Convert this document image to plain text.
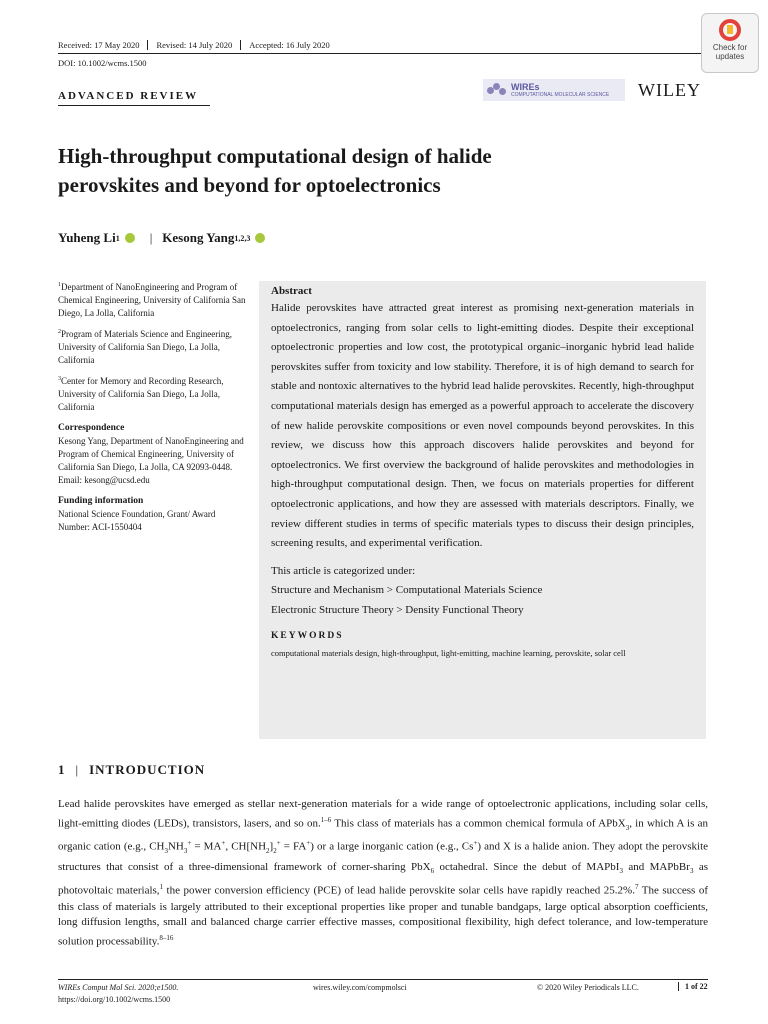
Received: 17 May 2020	Revised: 14 July 2020	Accepted: 16 July 2020
DOI: 10.1002/wcms.1500
Check for
updates
ADVANCED REVIEW
WIREs
COMPUTATIONAL MOLECULAR SCIENCE WILEY
High-throughput computational design of halide
perovskites and beyond for optoelectronics
Yuheng Li 1 | Kesong Yang 1,2,3

$^1$Department of NanoEngineering and Program of Chemical Engineering, University of California San Diego, La Jolla, California

$^2$Program of Materials Science and Engineering, University of California San Diego, La Jolla, California

$^3$Center for Memory and Recording Research, University of California San Diego, La Jolla, California

Correspondence

Kesong Yang, Department of NanoEngineering and Program of Chemical Engineering, University of California San Diego, La Jolla, CA 92093-0448.

Email: kesong@ucsd.edu

Funding information

National Science Foundation, Grant/ Award Number: ACI-1550404

Abstract
Halide perovskites have attracted great interest as promising next-generation materials in optoelectronics, ranging from solar cells to light-emitting diodes. Despite their exceptional optoelectronic properties and low cost, the prototypical organic–inorganic hybrid lead halide perovskites suffer from toxicity and low stability. Therefore, it is of high demand to search for stable and nontoxic alternatives to the hybrid lead halide perovskites. Recently, high-throughput computational materials design has emerged as a powerful approach to accelerate the discovery of new halide perovskite compositions or even novel compounds beyond perovskites. In this review, we discuss how this approach discovers halide perovskites and beyond for optoelectronics. We first overview the background of halide perovskites and methodologies in high-throughput computational design. Then, we focus on materials properties for different optoelectronic applications, and how they are assessed with materials descriptors. Finally, we review different studies in terms of specific materials types to discuss their design principles, screening results, and experimental verification.
This article is categorized under:
Structure and Mechanism > Computational Materials Science
Electronic Structure Theory > Density Functional Theory
KEYWORDS
computational materials design, high-throughput, light-emitting, machine learning, perovskite, solar cell
1 | INTRODUCTION
Lead halide perovskites have emerged as stellar next-generation materials for a wide range of optoelectronic applications, including solar cells, light-emitting diodes (LEDs), transistors, lasers, and so on.$^{1-6}$ This class of materials has a common chemical formula of APbX$_3$, in which A is an organic cation (e.g., $CH_3NH_3^+ = MA^+$, $CH[NH_2]_2^+ = FA^+$) or a large inorganic cation (e.g., Cs+) and X is a halide anion. They adopt the perovskite structures that consist of a three-dimensional framework of corner-sharing PbX$_6$ octahedral. Since the debut of MAPbI$_3$ and MAPbBr$_3$ as photovoltaic materials,$^1$ the power conversion efficiency (PCE) of lead halide perovskite solar cells have rapidly reached 25.2%.$^7$ The success of this class of materials is largely attributed to their exceptional properties like proper and tunable bandgaps, large optical absorption coefficients, long diffusion lengths, small and balanced charge carrier effective masses, compositional flexibility, high defect tolerance, and low-temperature solution processability.$^{8-16}$
WIREs Comput Mol Sci. 2020;e1500.
https://doi.org/10.1002/wcms.1500
wires.wiley.com/compmolsci	© 2020 Wiley Periodicals LLC.	1 of 22
